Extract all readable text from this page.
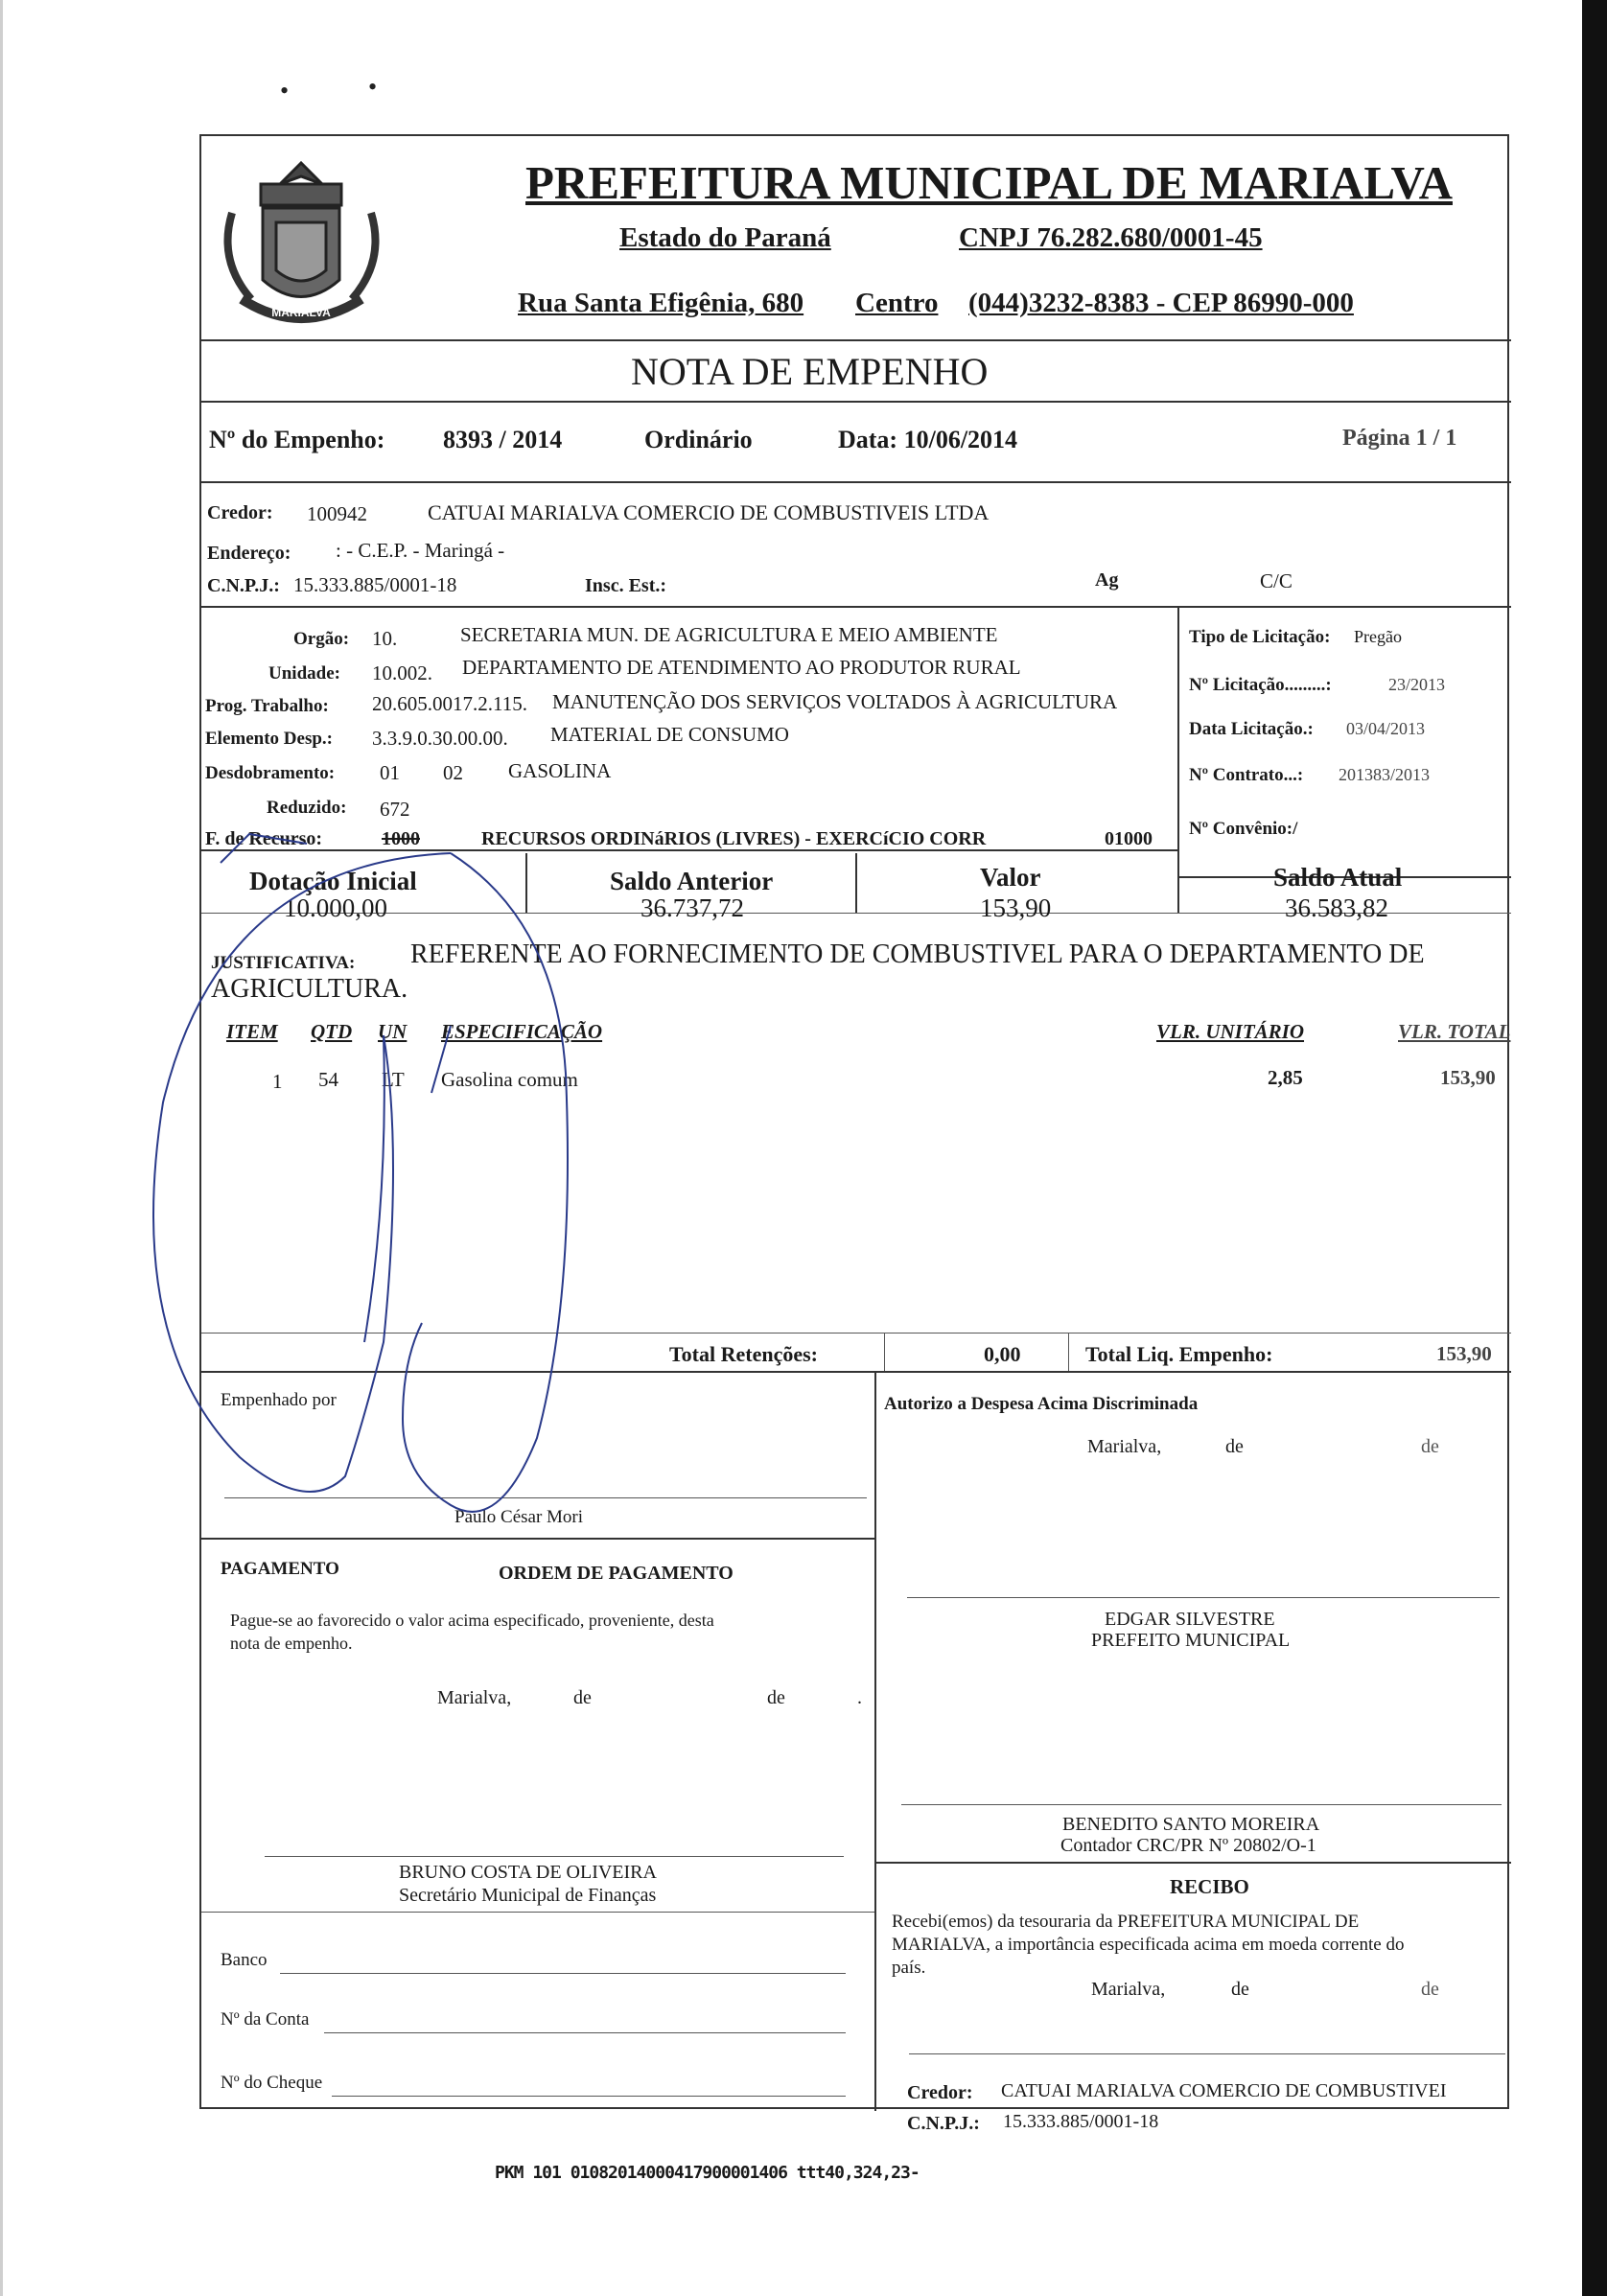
•	•
MARIALVA
PREFEITURA MUNICIPAL DE MARIALVA
Estado do Paraná	CNPJ 76.282.680/0001-45
Rua Santa Efigênia, 680 Centro (044)3232-8383 - CEP 86990-000
NOTA DE EMPENHO
Nº do Empenho: 8393 / 2014	Ordinário	Data: 10/06/2014	Página 1 / 1
Credor: 100942	CATUAI MARIALVA COMERCIO DE COMBUSTIVEIS LTDA
Endereço: : - C.E.P. - Maringá -
C.N.P.J.: 15.333.885/0001-18	Insc. Est.:	Ag	C/C
Orgão: 10.	SECRETARIA MUN. DE AGRICULTURA E MEIO AMBIENTE
Unidade: 10.002. DEPARTAMENTO DE ATENDIMENTO AO PRODUTOR RURAL
Prog. Trabalho: 20.605.0017.2.115. MANUTENÇÃO DOS SERVIÇOS VOLTADOS À AGRICULTURA
Elemento Desp.: 3.3.9.0.30.00.00. MATERIAL DE CONSUMO
Desdobramento: 01 02 GASOLINA
Reduzido: 672
F. de Recurso:	1000	RECURSOS ORDINáRIOS (LIVRES) - EXERCíCIO CORR	01000
Tipo de Licitação: Pregão
Nº Licitação.........:	23/2013
Data Licitação.: 03/04/2013
Nº Contrato...: 201383/2013
Nº Convênio:/
Dotação Inicial
10.000,00
Saldo Anterior
36.737,72
Valor
153,90
Saldo Atual
36.583,82
JUSTIFICATIVA: REFERENTE AO FORNECIMENTO DE COMBUSTIVEL PARA O DEPARTAMENTO DE
AGRICULTURA.
ITEM QTD UN ESPECIFICAÇÃO	VLR. UNITÁRIO	VLR. TOTAL
1 54 LT Gasolina comum	2,85	153,90
Total Retenções:	0,00	Total Liq. Empenho:	153,90
Empenhado por
Paulo César Mori
Autorizo a Despesa Acima Discriminada
Marialva,	de	de
PAGAMENTO	ORDEM DE PAGAMENTO
Pague-se ao favorecido o valor acima especificado, proveniente, desta
nota de empenho.
Marialva,	de	de	.
EDGAR SILVESTRE
PREFEITO MUNICIPAL
BENEDITO SANTO MOREIRA
Contador CRC/PR Nº 20802/O-1
BRUNO COSTA DE OLIVEIRA
Secretário Municipal de Finanças	RECIBO
Recebi(emos) da tesouraria da PREFEITURA MUNICIPAL DE
MARIALVA, a importância especificada acima em moeda corrente do
país.
Marialva,	de	de
Banco
Nº da Conta
Nº do Cheque	Credor: CATUAI MARIALVA COMERCIO DE COMBUSTIVEI
C.N.P.J.: 15.333.885/0001-18
PKM 101 01082014000417900001406 ttt40,324,23-
